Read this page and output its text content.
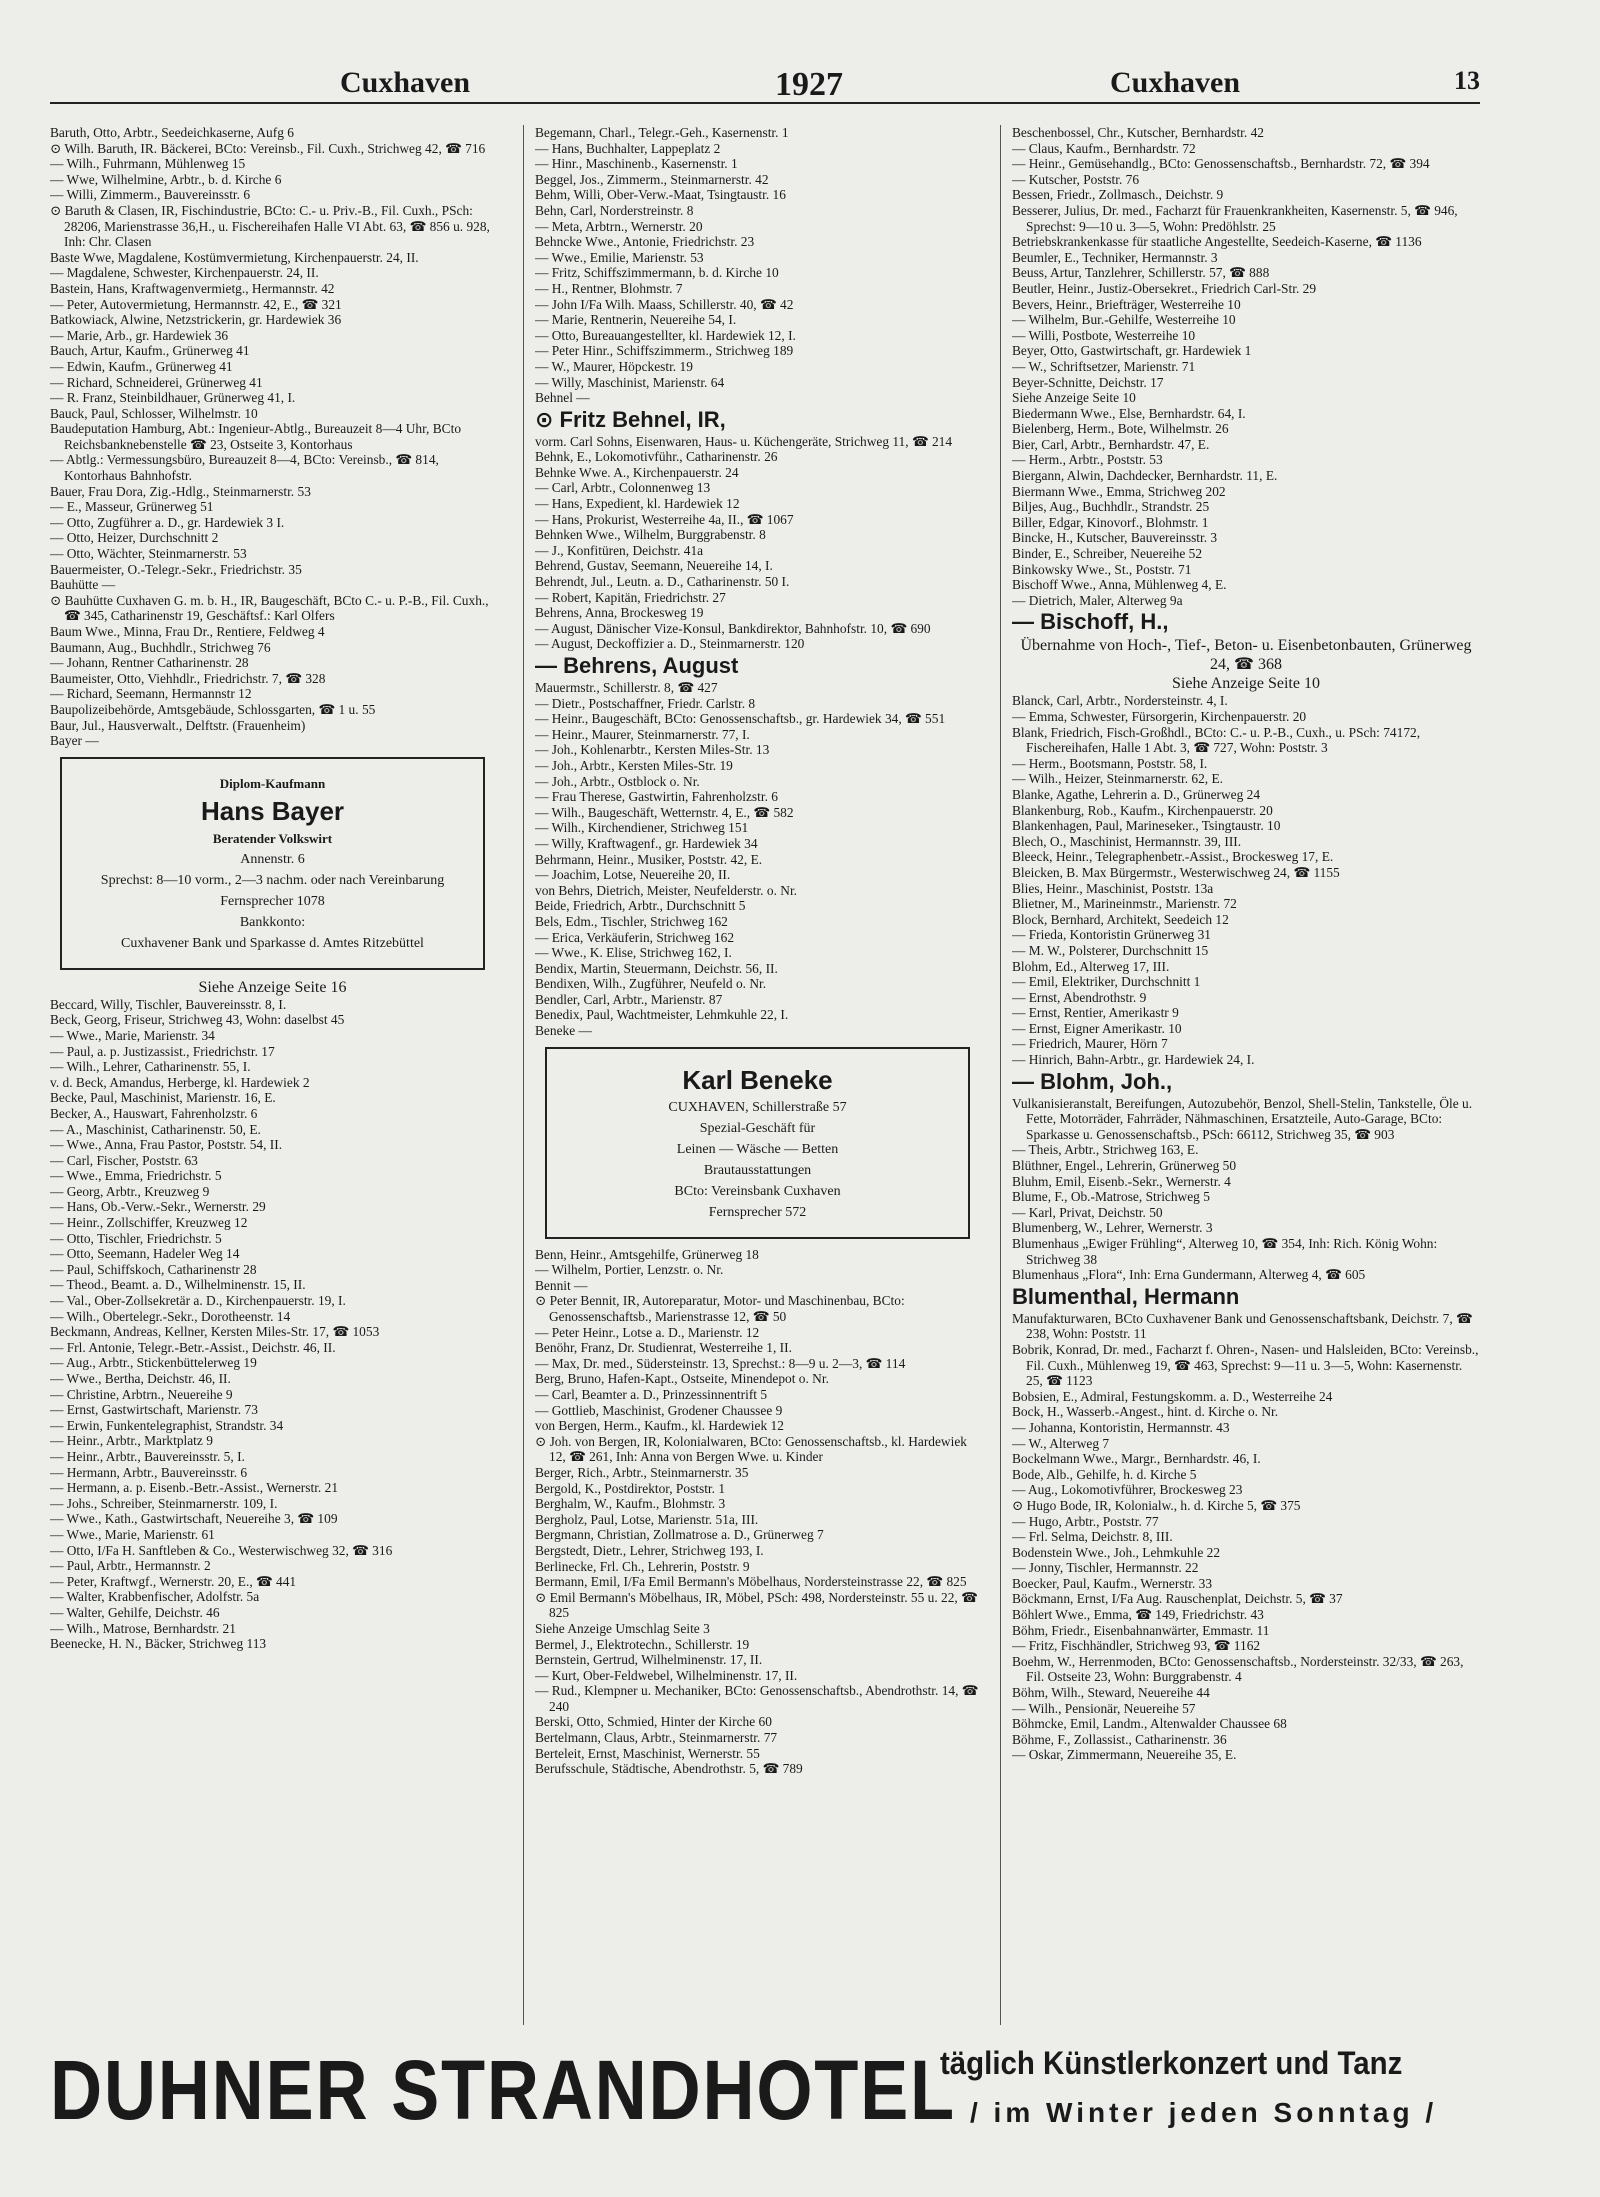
Cuxhaven	1927	Cuxhaven	13
Baruth, Otto, Arbtr., Seedeichkaserne, Aufg 6
⊙ Wilh. Baruth, IR. Bäckerei, BCto: Vereinsb., Fil. Cuxh., Strichweg 42, ☎ 716
— Wilh., Fuhrmann, Mühlenweg 15
— Wwe, Wilhelmine, Arbtr., b. d. Kirche 6
— Willi, Zimmerm., Bauvereinsstr. 6
⊙ Baruth & Clasen, IR, Fischindustrie, BCto: C.- u. Priv.-B., Fil. Cuxh., PSch: 28206, Marienstrasse 36,H., u. Fischereihafen Halle VI Abt. 63, ☎ 856 u. 928, Inh: Chr. Clasen
Baste Wwe, Magdalene, Kostümvermietung, Kirchenpauerstr. 24, II.
— Magdalene, Schwester, Kirchenpauerstr. 24, II.
Bastein, Hans, Kraftwagenvermietg., Hermannstr. 42
— Peter, Autovermietung, Hermannstr. 42, E., ☎ 321
Batkowiack, Alwine, Netzstrickerin, gr. Hardewiek 36
— Marie, Arb., gr. Hardewiek 36
Bauch, Artur, Kaufm., Grünerweg 41
— Edwin, Kaufm., Grünerweg 41
— Richard, Schneiderei, Grünerweg 41
— R. Franz, Steinbildhauer, Grünerweg 41, I.
Bauck, Paul, Schlosser, Wilhelmstr. 10
Baudeputation Hamburg, Abt.: Ingenieur-Abtlg., Bureauzeit 8—4 Uhr, BCto Reichsbanknebenstelle ☎ 23, Ostseite 3, Kontorhaus
— Abtlg.: Vermessungsbüro, Bureauzeit 8—4, BCto: Vereinsb., ☎ 814, Kontorhaus Bahnhofstr.
Bauer, Frau Dora, Zig.-Hdlg., Steinmarnerstr. 53
— E., Masseur, Grünerweg 51
— Otto, Zugführer a. D., gr. Hardewiek 3 I.
— Otto, Heizer, Durchschnitt 2
— Otto, Wächter, Steinmarnerstr. 53
Bauermeister, O.-Telegr.-Sekr., Friedrichstr. 35
Bauhütte —
⊙ Bauhütte Cuxhaven G. m. b. H., IR, Baugeschäft, BCto C.- u. P.-B., Fil. Cuxh., ☎ 345, Catharinenstr 19, Geschäftsf.: Karl Olfers
Baum Wwe., Minna, Frau Dr., Rentiere, Feldweg 4
Baumann, Aug., Buchhdlr., Strichweg 76
— Johann, Rentner Catharinenstr. 28
Baumeister, Otto, Viehhdlr., Friedrichstr. 7, ☎ 328
— Richard, Seemann, Hermannstr 12
Baupolizeibehörde, Amtsgebäude, Schlossgarten, ☎ 1 u. 55
Baur, Jul., Hausverwalt., Delftstr. (Frauenheim)
Bayer —
Diplom-Kaufmann
Hans Bayer
Beratender Volkswirt
Annenstr. 6
Sprechst: 8—10 vorm., 2—3 nachm. oder nach Vereinbarung
Fernsprecher 1078
Bankkonto:
Cuxhavener Bank und Sparkasse d. Amtes Ritzebüttel
Siehe Anzeige Seite 16
Beccard, Willy, Tischler, Bauvereinsstr. 8, I.
Beck, Georg, Friseur, Strichweg 43, Wohn: daselbst 45
— Wwe., Marie, Marienstr. 34
— Paul, a. p. Justizassist., Friedrichstr. 17
— Wilh., Lehrer, Catharinenstr. 55, I.
v. d. Beck, Amandus, Herberge, kl. Hardewiek 2
Becke, Paul, Maschinist, Marienstr. 16, E.
Becker, A., Hauswart, Fahrenholzstr. 6
— A., Maschinist, Catharinenstr. 50, E.
— Wwe., Anna, Frau Pastor, Poststr. 54, II.
— Carl, Fischer, Poststr. 63
— Wwe., Emma, Friedrichstr. 5
— Georg, Arbtr., Kreuzweg 9
— Hans, Ob.-Verw.-Sekr., Wernerstr. 29
— Heinr., Zollschiffer, Kreuzweg 12
— Otto, Tischler, Friedrichstr. 5
— Otto, Seemann, Hadeler Weg 14
— Paul, Schiffskoch, Catharinenstr 28
— Theod., Beamt. a. D., Wilhelminenstr. 15, II.
— Val., Ober-Zollsekretär a. D., Kirchenpauerstr. 19, I.
— Wilh., Obertelegr.-Sekr., Dorotheenstr. 14
Beckmann, Andreas, Kellner, Kersten Miles-Str. 17, ☎ 1053
— Frl. Antonie, Telegr.-Betr.-Assist., Deichstr. 46, II.
— Aug., Arbtr., Stickenbüttelerweg 19
— Wwe., Bertha, Deichstr. 46, II.
— Christine, Arbtrn., Neuereihe 9
— Ernst, Gastwirtschaft, Marienstr. 73
— Erwin, Funkentelegraphist, Strandstr. 34
— Heinr., Arbtr., Marktplatz 9
— Heinr., Arbtr., Bauvereinsstr. 5, I.
— Hermann, Arbtr., Bauvereinsstr. 6
— Hermann, a. p. Eisenb.-Betr.-Assist., Wernerstr. 21
— Johs., Schreiber, Steinmarnerstr. 109, I.
— Wwe., Kath., Gastwirtschaft, Neuereihe 3, ☎ 109
— Wwe., Marie, Marienstr. 61
— Otto, I/Fa H. Sanftleben & Co., Westerwischweg 32, ☎ 316
— Paul, Arbtr., Hermannstr. 2
— Peter, Kraftwgf., Wernerstr. 20, E., ☎ 441
— Walter, Krabbenfischer, Adolfstr. 5a
— Walter, Gehilfe, Deichstr. 46
— Wilh., Matrose, Bernhardstr. 21
Beenecke, H. N., Bäcker, Strichweg 113
Begemann, Charl., Telegr.-Geh., Kasernenstr. 1
— Hans, Buchhalter, Lappeplatz 2
— Hinr., Maschinenb., Kasernenstr. 1
Beggel, Jos., Zimmerm., Steinmarnerstr. 42
Behm, Willi, Ober-Verw.-Maat, Tsingtaustr. 16
Behn, Carl, Norderstreinstr. 8
— Meta, Arbtrn., Wernerstr. 20
Behncke Wwe., Antonie, Friedrichstr. 23
— Wwe., Emilie, Marienstr. 53
— Fritz, Schiffszimmermann, b. d. Kirche 10
— H., Rentner, Blohmstr. 7
— John I/Fa Wilh. Maass, Schillerstr. 40, ☎ 42
— Marie, Rentnerin, Neuereihe 54, I.
— Otto, Bureauangestellter, kl. Hardewiek 12, I.
— Peter Hinr., Schiffszimmerm., Strichweg 189
— W., Maurer, Höpckestr. 19
— Willy, Maschinist, Marienstr. 64
Behnel —
⊙ Fritz Behnel, IR,
vorm. Carl Sohns, Eisenwaren, Haus- u. Küchengeräte, Strichweg 11, ☎ 214
Behnk, E., Lokomotivführ., Catharinenstr. 26
Behnke Wwe. A., Kirchenpauerstr. 24
— Carl, Arbtr., Colonnenweg 13
— Hans, Expedient, kl. Hardewiek 12
— Hans, Prokurist, Westerreihe 4a, II., ☎ 1067
Behnken Wwe., Wilhelm, Burggrabenstr. 8
— J., Konfitüren, Deichstr. 41a
Behrend, Gustav, Seemann, Neuereihe 14, I.
Behrendt, Jul., Leutn. a. D., Catharinenstr. 50 I.
— Robert, Kapitän, Friedrichstr. 27
Behrens, Anna, Brockesweg 19
— August, Dänischer Vize-Konsul, Bankdirektor, Bahnhofstr. 10, ☎ 690
— August, Deckoffizier a. D., Steinmarnerstr. 120
— Behrens, August
Mauermstr., Schillerstr. 8, ☎ 427
— Dietr., Postschaffner, Friedr. Carlstr. 8
— Heinr., Baugeschäft, BCto: Genossenschaftsb., gr. Hardewiek 34, ☎ 551
— Heinr., Maurer, Steinmarnerstr. 77, I.
— Joh., Kohlenarbtr., Kersten Miles-Str. 13
— Joh., Arbtr., Kersten Miles-Str. 19
— Joh., Arbtr., Ostblock o. Nr.
— Frau Therese, Gastwirtin, Fahrenholzstr. 6
— Wilh., Baugeschäft, Wetternstr. 4, E., ☎ 582
— Wilh., Kirchendiener, Strichweg 151
— Willy, Kraftwagenf., gr. Hardewiek 34
Behrmann, Heinr., Musiker, Poststr. 42, E.
— Joachim, Lotse, Neuereihe 20, II.
von Behrs, Dietrich, Meister, Neufelderstr. o. Nr.
Beide, Friedrich, Arbtr., Durchschnitt 5
Bels, Edm., Tischler, Strichweg 162
— Erica, Verkäuferin, Strichweg 162
— Wwe., K. Elise, Strichweg 162, I.
Bendix, Martin, Steuermann, Deichstr. 56, II.
Bendixen, Wilh., Zugführer, Neufeld o. Nr.
Bendler, Carl, Arbtr., Marienstr. 87
Benedix, Paul, Wachtmeister, Lehmkuhle 22, I.
Beneke —
Karl Beneke
CUXHAVEN, Schillerstraße 57
Spezial-Geschäft für
Leinen — Wäsche — Betten
Brautausstattungen
BCto: Vereinsbank Cuxhaven
Fernsprecher 572
Benn, Heinr., Amtsgehilfe, Grünerweg 18
— Wilhelm, Portier, Lenzstr. o. Nr.
Bennit —
⊙ Peter Bennit, IR, Autoreparatur, Motor- und Maschinenbau, BCto: Genossenschaftsb., Marienstrasse 12, ☎ 50
— Peter Heinr., Lotse a. D., Marienstr. 12
Benöhr, Franz, Dr. Studienrat, Westerreihe 1, II.
— Max, Dr. med., Südersteinstr. 13, Sprechst.: 8—9 u. 2—3, ☎ 114
Berg, Bruno, Hafen-Kapt., Ostseite, Minendepot o. Nr.
— Carl, Beamter a. D., Prinzessinnentrift 5
— Gottlieb, Maschinist, Grodener Chaussee 9
von Bergen, Herm., Kaufm., kl. Hardewiek 12
⊙ Joh. von Bergen, IR, Kolonialwaren, BCto: Genossenschaftsb., kl. Hardewiek 12, ☎ 261, Inh: Anna von Bergen Wwe. u. Kinder
Berger, Rich., Arbtr., Steinmarnerstr. 35
Bergold, K., Postdirektor, Poststr. 1
Berghalm, W., Kaufm., Blohmstr. 3
Bergholz, Paul, Lotse, Marienstr. 51a, III.
Bergmann, Christian, Zollmatrose a. D., Grünerweg 7
Bergstedt, Dietr., Lehrer, Strichweg 193, I.
Berlinecke, Frl. Ch., Lehrerin, Poststr. 9
Bermann, Emil, I/Fa Emil Bermann's Möbelhaus, Nordersteinstrasse 22, ☎ 825
⊙ Emil Bermann's Möbelhaus, IR, Möbel, PSch: 498, Nordersteinstr. 55 u. 22, ☎ 825
Siehe Anzeige Umschlag Seite 3
Bermel, J., Elektrotechn., Schillerstr. 19
Bernstein, Gertrud, Wilhelminenstr. 17, II.
— Kurt, Ober-Feldwebel, Wilhelminenstr. 17, II.
— Rud., Klempner u. Mechaniker, BCto: Genossenschaftsb., Abendrothstr. 14, ☎ 240
Berski, Otto, Schmied, Hinter der Kirche 60
Bertelmann, Claus, Arbtr., Steinmarnerstr. 77
Berteleit, Ernst, Maschinist, Wernerstr. 55
Berufsschule, Städtische, Abendrothstr. 5, ☎ 789
Beschenbossel, Chr., Kutscher, Bernhardstr. 42
— Claus, Kaufm., Bernhardstr. 72
— Heinr., Gemüsehandlg., BCto: Genossenschaftsb., Bernhardstr. 72, ☎ 394
— Kutscher, Poststr. 76
Bessen, Friedr., Zollmasch., Deichstr. 9
Besserer, Julius, Dr. med., Facharzt für Frauenkrankheiten, Kasernenstr. 5, ☎ 946, Sprechst: 9—10 u. 3—5, Wohn: Predöhlstr. 25
Betriebskrankenkasse für staatliche Angestellte, Seedeich-Kaserne, ☎ 1136
Beumler, E., Techniker, Hermannstr. 3
Beuss, Artur, Tanzlehrer, Schillerstr. 57, ☎ 888
Beutler, Heinr., Justiz-Obersekret., Friedrich Carl-Str. 29
Bevers, Heinr., Briefträger, Westerreihe 10
— Wilhelm, Bur.-Gehilfe, Westerreihe 10
— Willi, Postbote, Westerreihe 10
Beyer, Otto, Gastwirtschaft, gr. Hardewiek 1
— W., Schriftsetzer, Marienstr. 71
Beyer-Schnitte, Deichstr. 17
Siehe Anzeige Seite 10
Biedermann Wwe., Else, Bernhardstr. 64, I.
Bielenberg, Herm., Bote, Wilhelmstr. 26
Bier, Carl, Arbtr., Bernhardstr. 47, E.
— Herm., Arbtr., Poststr. 53
Biergann, Alwin, Dachdecker, Bernhardstr. 11, E.
Biermann Wwe., Emma, Strichweg 202
Biljes, Aug., Buchhdlr., Strandstr. 25
Biller, Edgar, Kinovorf., Blohmstr. 1
Bincke, H., Kutscher, Bauvereinsstr. 3
Binder, E., Schreiber, Neuereihe 52
Binkowsky Wwe., St., Poststr. 71
Bischoff Wwe., Anna, Mühlenweg 4, E.
— Dietrich, Maler, Alterweg 9a
— Bischoff, H.,
Übernahme von Hoch-, Tief-, Beton- u. Eisenbetonbauten, Grünerweg 24, ☎ 368
Siehe Anzeige Seite 10
Blanck, Carl, Arbtr., Nordersteinstr. 4, I.
— Emma, Schwester, Fürsorgerin, Kirchenpauerstr. 20
Blank, Friedrich, Fisch-Großhdl., BCto: C.- u. P.-B., Cuxh., u. PSch: 74172, Fischereihafen, Halle 1 Abt. 3, ☎ 727, Wohn: Poststr. 3
— Herm., Bootsmann, Poststr. 58, I.
— Wilh., Heizer, Steinmarnerstr. 62, E.
Blanke, Agathe, Lehrerin a. D., Grünerweg 24
Blankenburg, Rob., Kaufm., Kirchenpauerstr. 20
Blankenhagen, Paul, Marineseker., Tsingtaustr. 10
Blech, O., Maschinist, Hermannstr. 39, III.
Bleeck, Heinr., Telegraphenbetr.-Assist., Brockesweg 17, E.
Bleicken, B. Max Bürgermstr., Westerwischweg 24, ☎ 1155
Blies, Heinr., Maschinist, Poststr. 13a
Blietner, M., Marineinmstr., Marienstr. 72
Block, Bernhard, Architekt, Seedeich 12
— Frieda, Kontoristin Grünerweg 31
— M. W., Polsterer, Durchschnitt 15
Blohm, Ed., Alterweg 17, III.
— Emil, Elektriker, Durchschnitt 1
— Ernst, Abendrothstr. 9
— Ernst, Rentier, Amerikastr 9
— Ernst, Eigner Amerikastr. 10
— Friedrich, Maurer, Hörn 7
— Hinrich, Bahn-Arbtr., gr. Hardewiek 24, I.
— Blohm, Joh.,
Vulkanisieranstalt, Bereifungen, Autozubehör, Benzol, Shell-Stelin, Tankstelle, Öle u. Fette, Motorräder, Fahrräder, Nähmaschinen, Ersatzteile, Auto-Garage, BCto: Sparkasse u. Genossenschaftsb., PSch: 66112, Strichweg 35, ☎ 903
— Theis, Arbtr., Strichweg 163, E.
Blüthner, Engel., Lehrerin, Grünerweg 50
Bluhm, Emil, Eisenb.-Sekr., Wernerstr. 4
Blume, F., Ob.-Matrose, Strichweg 5
— Karl, Privat, Deichstr. 50
Blumenberg, W., Lehrer, Wernerstr. 3
Blumenhaus „Ewiger Frühling“, Alterweg 10, ☎ 354, Inh: Rich. König Wohn: Strichweg 38
Blumenhaus „Flora“, Inh: Erna Gundermann, Alterweg 4, ☎ 605
Blumenthal, Hermann
Manufakturwaren, BCto Cuxhavener Bank und Genossenschaftsbank, Deichstr. 7, ☎ 238, Wohn: Poststr. 11
Bobrik, Konrad, Dr. med., Facharzt f. Ohren-, Nasen- und Halsleiden, BCto: Vereinsb., Fil. Cuxh., Mühlenweg 19, ☎ 463, Sprechst: 9—11 u. 3—5, Wohn: Kasernenstr. 25, ☎ 1123
Bobsien, E., Admiral, Festungskomm. a. D., Westerreihe 24
Bock, H., Wasserb.-Angest., hint. d. Kirche o. Nr.
— Johanna, Kontoristin, Hermannstr. 43
— W., Alterweg 7
Bockelmann Wwe., Margr., Bernhardstr. 46, I.
Bode, Alb., Gehilfe, h. d. Kirche 5
— Aug., Lokomotivführer, Brockesweg 23
⊙ Hugo Bode, IR, Kolonialw., h. d. Kirche 5, ☎ 375
— Hugo, Arbtr., Poststr. 77
— Frl. Selma, Deichstr. 8, III.
Bodenstein Wwe., Joh., Lehmkuhle 22
— Jonny, Tischler, Hermannstr. 22
Boecker, Paul, Kaufm., Wernerstr. 33
Böckmann, Ernst, I/Fa Aug. Rauschenplat, Deichstr. 5, ☎ 37
Böhlert Wwe., Emma, ☎ 149, Friedrichstr. 43
Böhm, Friedr., Eisenbahnanwärter, Emmastr. 11
— Fritz, Fischhändler, Strichweg 93, ☎ 1162
Boehm, W., Herrenmoden, BCto: Genossenschaftsb., Nordersteinstr. 32/33, ☎ 263, Fil. Ostseite 23, Wohn: Burggrabenstr. 4
Böhm, Wilh., Steward, Neuereihe 44
— Wilh., Pensionär, Neuereihe 57
Böhmcke, Emil, Landm., Altenwalder Chaussee 68
Böhme, F., Zollassist., Catharinenstr. 36
— Oskar, Zimmermann, Neuereihe 35, E.
DUHNER STRANDHOTEL
täglich Künstlerkonzert und Tanz
/ im Winter jeden Sonntag /
